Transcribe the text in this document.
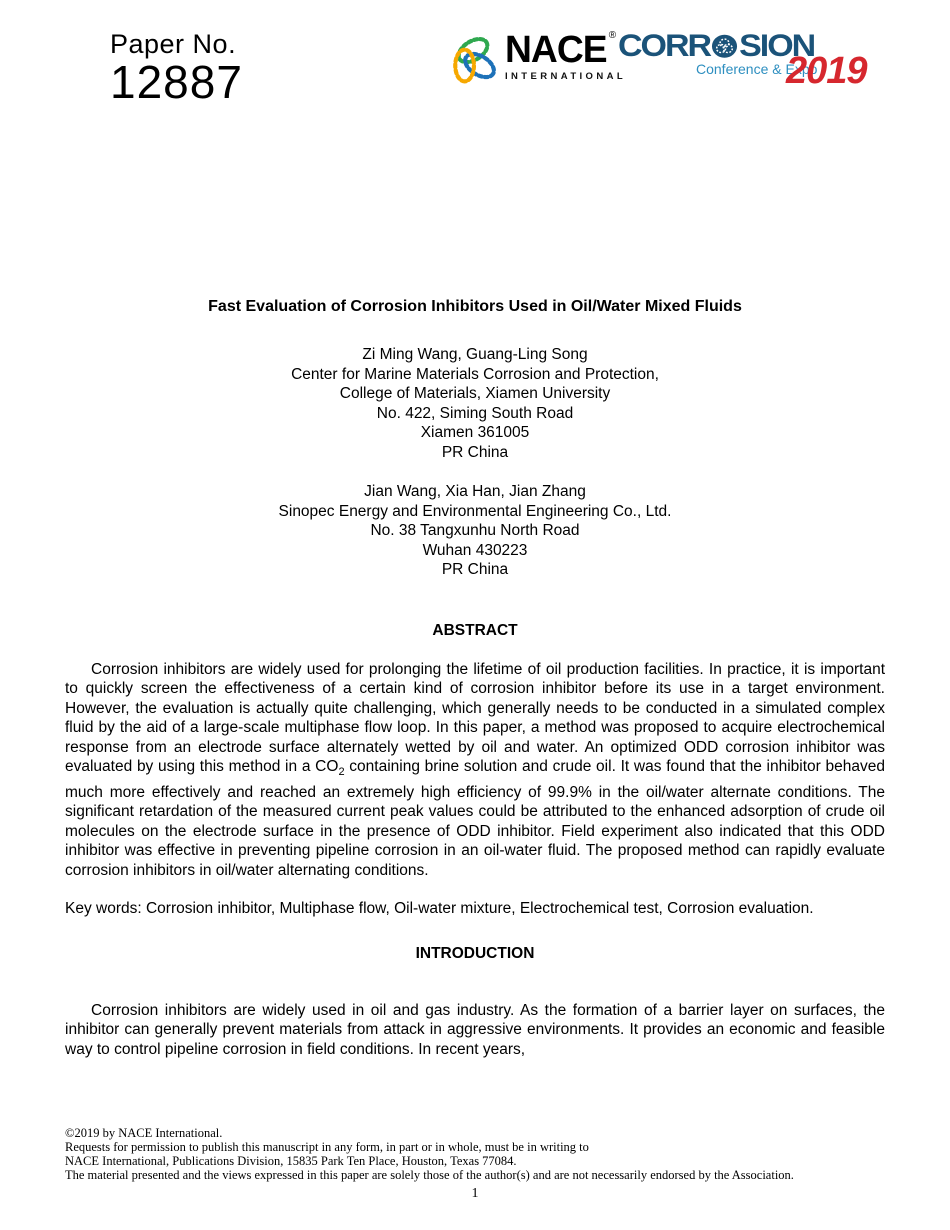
Paper No.
12887
NACE ®
INTERNATIONAL
CORR SION
Conference & Expo
2019
Fast Evaluation of Corrosion Inhibitors Used in Oil/Water Mixed Fluids
Zi Ming Wang, Guang-Ling Song
Center for Marine Materials Corrosion and Protection,
College of Materials, Xiamen University
No. 422, Siming South Road
Xiamen 361005
PR China
Jian Wang, Xia Han, Jian Zhang
Sinopec Energy and Environmental Engineering Co., Ltd.
No. 38 Tangxunhu North Road
Wuhan 430223
PR China
ABSTRACT

Corrosion inhibitors are widely used for prolonging the lifetime of oil production facilities. In practice, it is important to quickly screen the effectiveness of a certain kind of corrosion inhibitor before its use in a target environment. However, the evaluation is actually quite challenging, which generally needs to be conducted in a simulated complex fluid by the aid of a large-scale multiphase flow loop. In this paper, a method was proposed to acquire electrochemical response from an electrode surface alternately wetted by oil and water. An optimized ODD corrosion inhibitor was evaluated by using this method in a $CO_2$ containing brine solution and crude oil. It was found that the inhibitor behaved much more effectively and reached an extremely high efficiency of 99.9% in the oil/water alternate conditions. The significant retardation of the measured current peak values could be attributed to the enhanced adsorption of crude oil molecules on the electrode surface in the presence of ODD inhibitor. Field experiment also indicated that this ODD inhibitor was effective in preventing pipeline corrosion in an oil-water fluid. The proposed method can rapidly evaluate corrosion inhibitors in oil/water alternating conditions.

Key words: Corrosion inhibitor, Multiphase flow, Oil-water mixture, Electrochemical test, Corrosion evaluation.

INTRODUCTION

Corrosion inhibitors are widely used in oil and gas industry. As the formation of a barrier layer on surfaces, the inhibitor can generally prevent materials from attack in aggressive environments. It provides an economic and feasible way to control pipeline corrosion in field conditions. In recent years,

©2019 by NACE International.
Requests for permission to publish this manuscript in any form, in part or in whole, must be in writing to
NACE International, Publications Division, 15835 Park Ten Place, Houston, Texas 77084.
The material presented and the views expressed in this paper are solely those of the author(s) and are not necessarily endorsed by the Association.
1
